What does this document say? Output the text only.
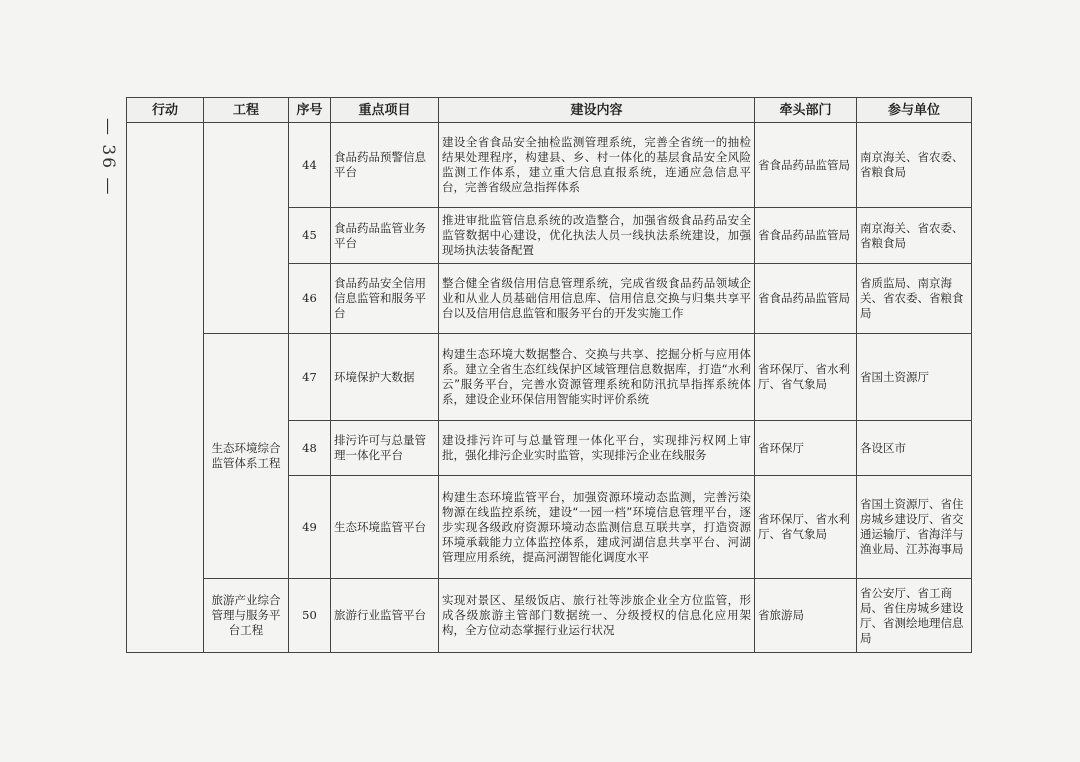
— 36 —
行动	工程	序号	重点项目	建设内容	牵头部门	参与单位
		44	食品药品预警信息平台	建设全省食品安全抽检监测管理系统，完善全省统一的抽检结果处理程序，构建县、乡、村一体化的基层食品安全风险监测工作体系，建立重大信息直报系统，连通应急信息平台，完善省级应急指挥体系	省食品药品监管局	南京海关、省农委、省粮食局
		45	食品药品监管业务平台	推进审批监管信息系统的改造整合，加强省级食品药品安全监管数据中心建设，优化执法人员一线执法系统建设，加强现场执法装备配置	省食品药品监管局	南京海关、省农委、省粮食局
		46	食品药品安全信用信息监管和服务平台	整合健全省级信用信息管理系统，完成省级食品药品领域企业和从业人员基础信用信息库、信用信息交换与归集共享平台以及信用信息监管和服务平台的开发实施工作	省食品药品监管局	省质监局、南京海关、省农委、省粮食局
	生态环境综合监管体系工程	47	环境保护大数据	构建生态环境大数据整合、交换与共享、挖掘分析与应用体系。建立全省生态红线保护区域管理信息数据库，打造“水利云”服务平台，完善水资源管理系统和防汛抗旱指挥系统体系，建设企业环保信用智能实时评价系统	省环保厅、省水利厅、省气象局	省国土资源厅
		48	排污许可与总量管理一体化平台	建设排污许可与总量管理一体化平台，实现排污权网上审批，强化排污企业实时监管，实现排污企业在线服务	省环保厅	各设区市
		49	生态环境监管平台	构建生态环境监管平台，加强资源环境动态监测，完善污染物源在线监控系统，建设“一园一档”环境信息管理平台，逐步实现各级政府资源环境动态监测信息互联共享，打造资源环境承载能力立体监控体系，建成河湖信息共享平台、河湖管理应用系统，提高河湖智能化调度水平	省环保厅、省水利厅、省气象局	省国土资源厅、省住房城乡建设厅、省交通运输厅、省海洋与渔业局、江苏海事局
	旅游产业综合管理与服务平台工程	50	旅游行业监管平台	实现对景区、星级饭店、旅行社等涉旅企业全方位监管，形成各级旅游主管部门数据统一、分级授权的信息化应用架构，全方位动态掌握行业运行状况	省旅游局	省公安厅、省工商局、省住房城乡建设厅、省测绘地理信息局
